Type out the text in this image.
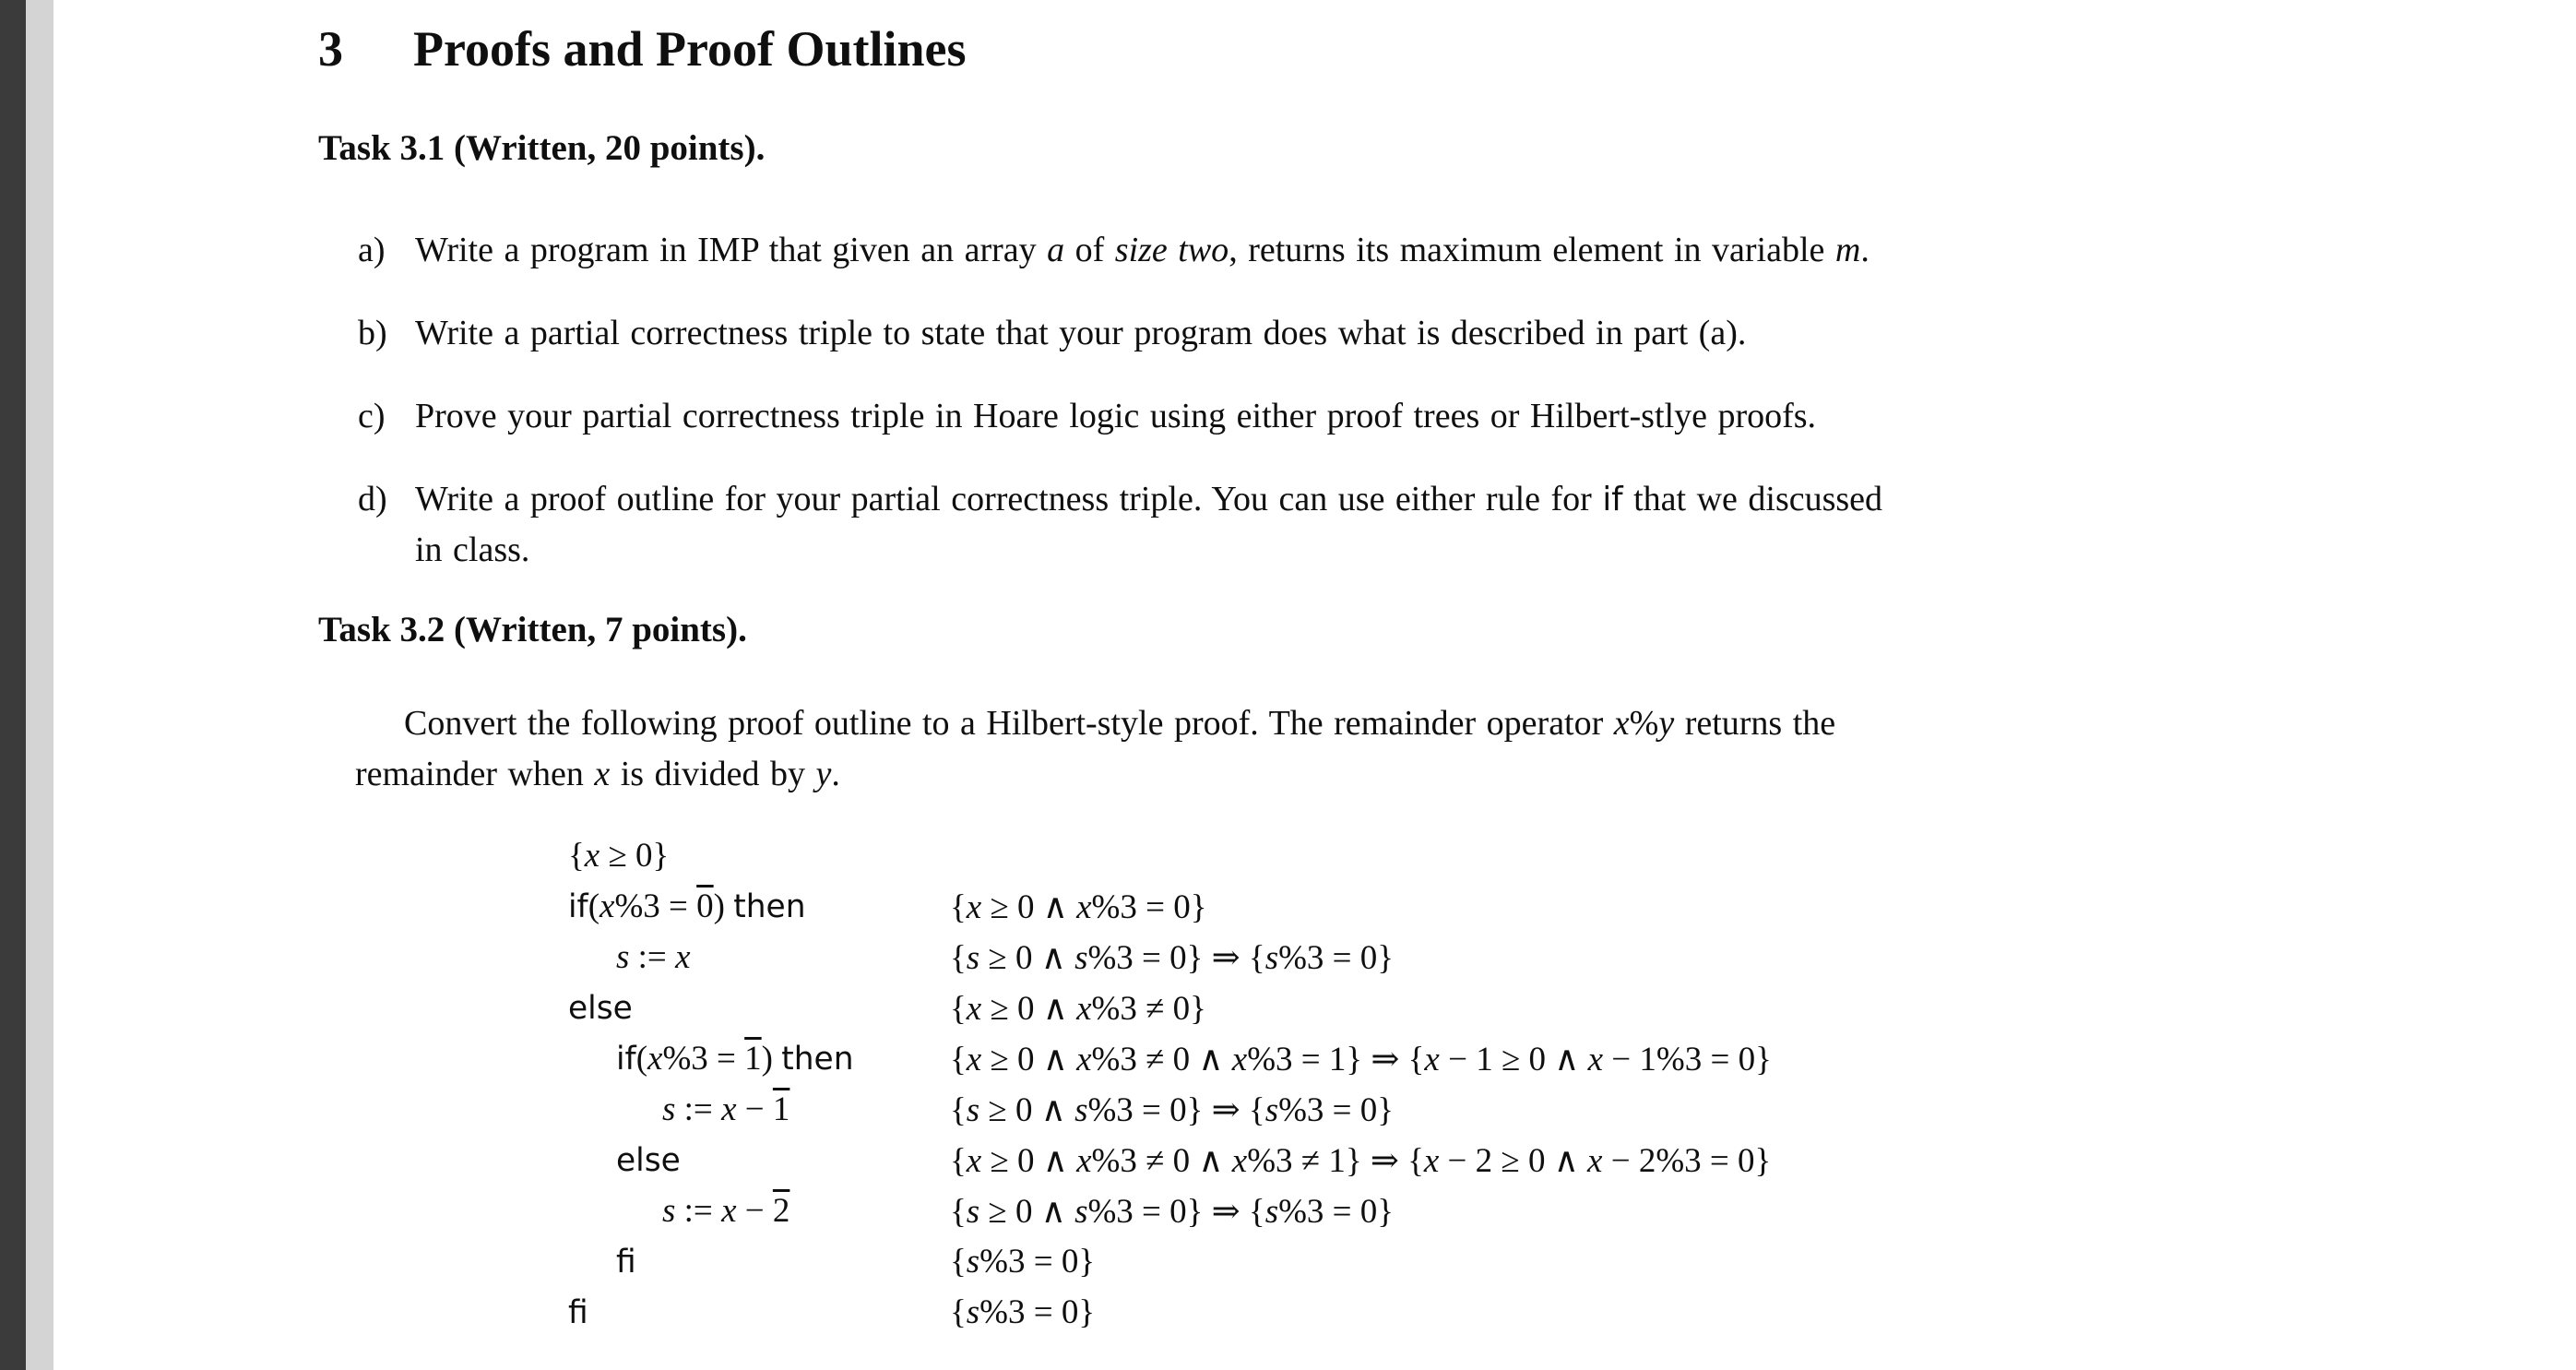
3 Proofs and Proof Outlines
Task 3.1 (Written, 20 points).
a) Write a program in IMP that given an array a of size two, returns its maximum element in variable m.
b) Write a partial correctness triple to state that your program does what is described in part (a).
c) Prove your partial correctness triple in Hoare logic using either proof trees or Hilbert-stlye proofs.
d) Write a proof outline for your partial correctness triple. You can use either rule for if that we discussed
in class.
Task 3.2 (Written, 7 points).
Convert the following proof outline to a Hilbert-style proof. The remainder operator x%y returns the
remainder when x is divided by y.
{x ≥ 0}
if(x%3 = 0) then	{x ≥ 0 ∧ x%3 = 0}
s := x	{s ≥ 0 ∧ s%3 = 0} ⇒ {s%3 = 0}
else	{x ≥ 0 ∧ x%3 ≠ 0}
if(x%3 = 1) then	{x ≥ 0 ∧ x%3 ≠ 0 ∧ x%3 = 1} ⇒ {x − 1 ≥ 0 ∧ x − 1%3 = 0}
s := x − 1	{s ≥ 0 ∧ s%3 = 0} ⇒ {s%3 = 0}
else	{x ≥ 0 ∧ x%3 ≠ 0 ∧ x%3 ≠ 1} ⇒ {x − 2 ≥ 0 ∧ x − 2%3 = 0}
s := x − 2	{s ≥ 0 ∧ s%3 = 0} ⇒ {s%3 = 0}
fi	{s%3 = 0}
fi	{s%3 = 0}
